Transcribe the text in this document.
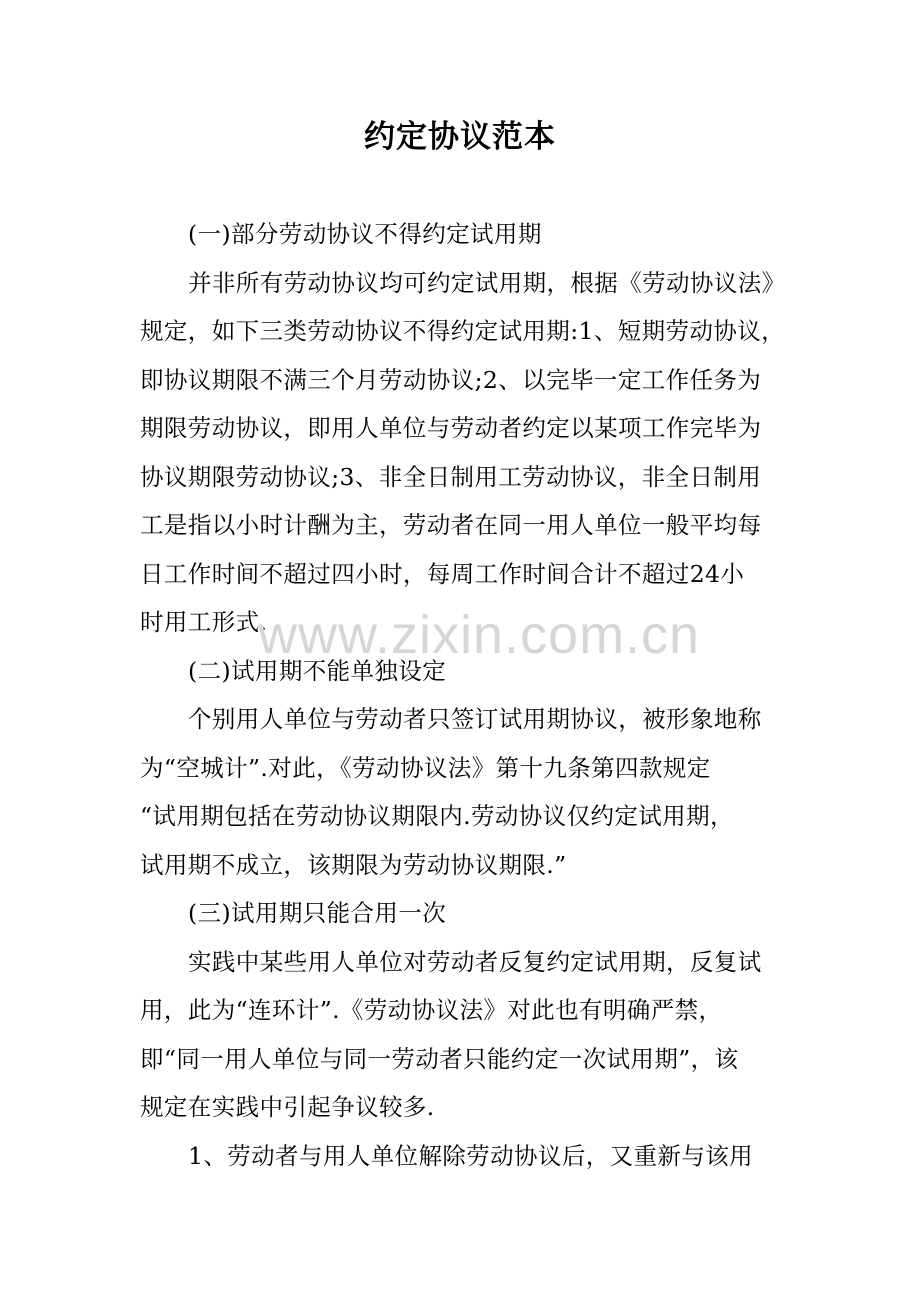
约定协议范本
(一)部分劳动协议不得约定试用期
并非所有劳动协议均可约定试用期，根据《劳动协议法》
规定，如下三类劳动协议不得约定试用期:1、短期劳动协议，
即协议期限不满三个月劳动协议;2、以完毕一定工作任务为
期限劳动协议，即用人单位与劳动者约定以某项工作完毕为
协议期限劳动协议;3、非全日制用工劳动协议，非全日制用
工是指以小时计酬为主，劳动者在同一用人单位一般平均每
日工作时间不超过四小时，每周工作时间合计不超过24小
时用工形式.
(二)试用期不能单独设定
个别用人单位与劳动者只签订试用期协议，被形象地称
为“空城计”.对此，《劳动协议法》第十九条第四款规定
“试用期包括在劳动协议期限内.劳动协议仅约定试用期，
试用期不成立，该期限为劳动协议期限.”
(三)试用期只能合用一次
实践中某些用人单位对劳动者反复约定试用期，反复试
用，此为“连环计”.《劳动协议法》对此也有明确严禁，
即“同一用人单位与同一劳动者只能约定一次试用期”，该
规定在实践中引起争议较多.
1、劳动者与用人单位解除劳动协议后，又重新与该用
www.zixin.com.cn
